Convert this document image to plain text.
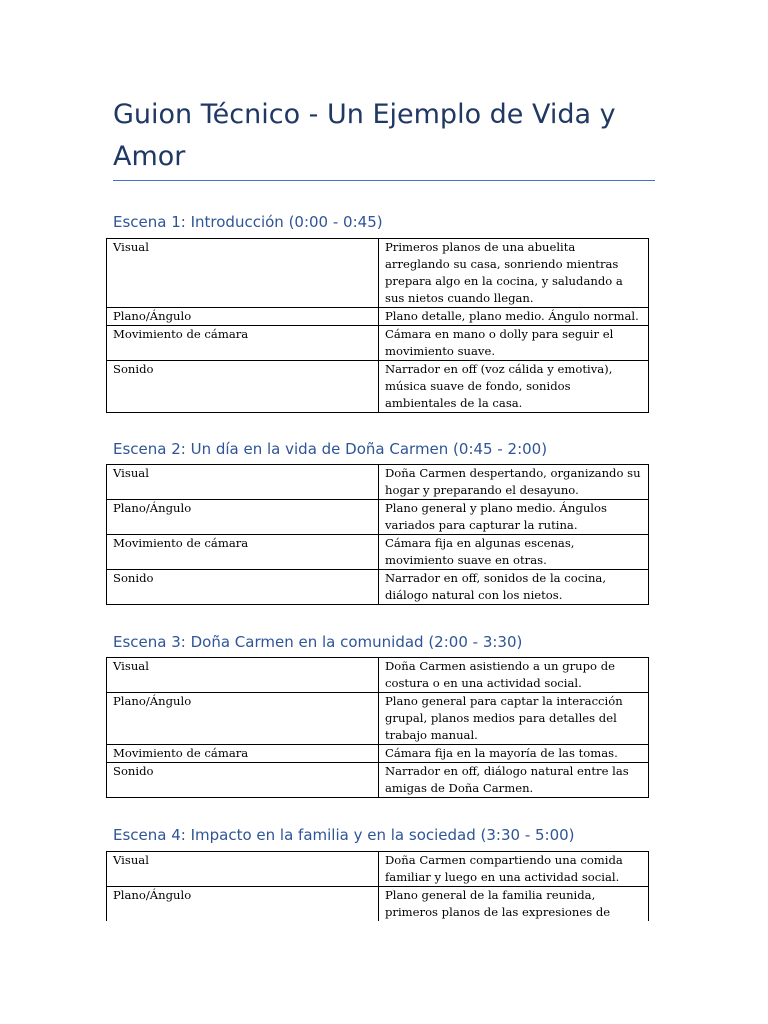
Guion Técnico - Un Ejemplo de Vida y Amor
Escena 1: Introducción (0:00 - 0:45)
Visual	Primeros planos de una abuelita arreglando su casa, sonriendo mientras prepara algo en la cocina, y saludando a sus nietos cuando llegan.
Plano/Ángulo	Plano detalle, plano medio. Ángulo normal.
Movimiento de cámara	Cámara en mano o dolly para seguir el movimiento suave.
Sonido	Narrador en off (voz cálida y emotiva), música suave de fondo, sonidos ambientales de la casa.
Escena 2: Un día en la vida de Doña Carmen (0:45 - 2:00)
Visual	Doña Carmen despertando, organizando su hogar y preparando el desayuno.
Plano/Ángulo	Plano general y plano medio. Ángulos variados para capturar la rutina.
Movimiento de cámara	Cámara fija en algunas escenas, movimiento suave en otras.
Sonido	Narrador en off, sonidos de la cocina, diálogo natural con los nietos.
Escena 3: Doña Carmen en la comunidad (2:00 - 3:30)
Visual	Doña Carmen asistiendo a un grupo de costura o en una actividad social.
Plano/Ángulo	Plano general para captar la interacción grupal, planos medios para detalles del trabajo manual.
Movimiento de cámara	Cámara fija en la mayoría de las tomas.
Sonido	Narrador en off, diálogo natural entre las amigas de Doña Carmen.
Escena 4: Impacto en la familia y en la sociedad (3:30 - 5:00)
Visual	Doña Carmen compartiendo una comida familiar y luego en una actividad social.
Plano/Ángulo	Plano general de la familia reunida, primeros planos de las expresiones de
